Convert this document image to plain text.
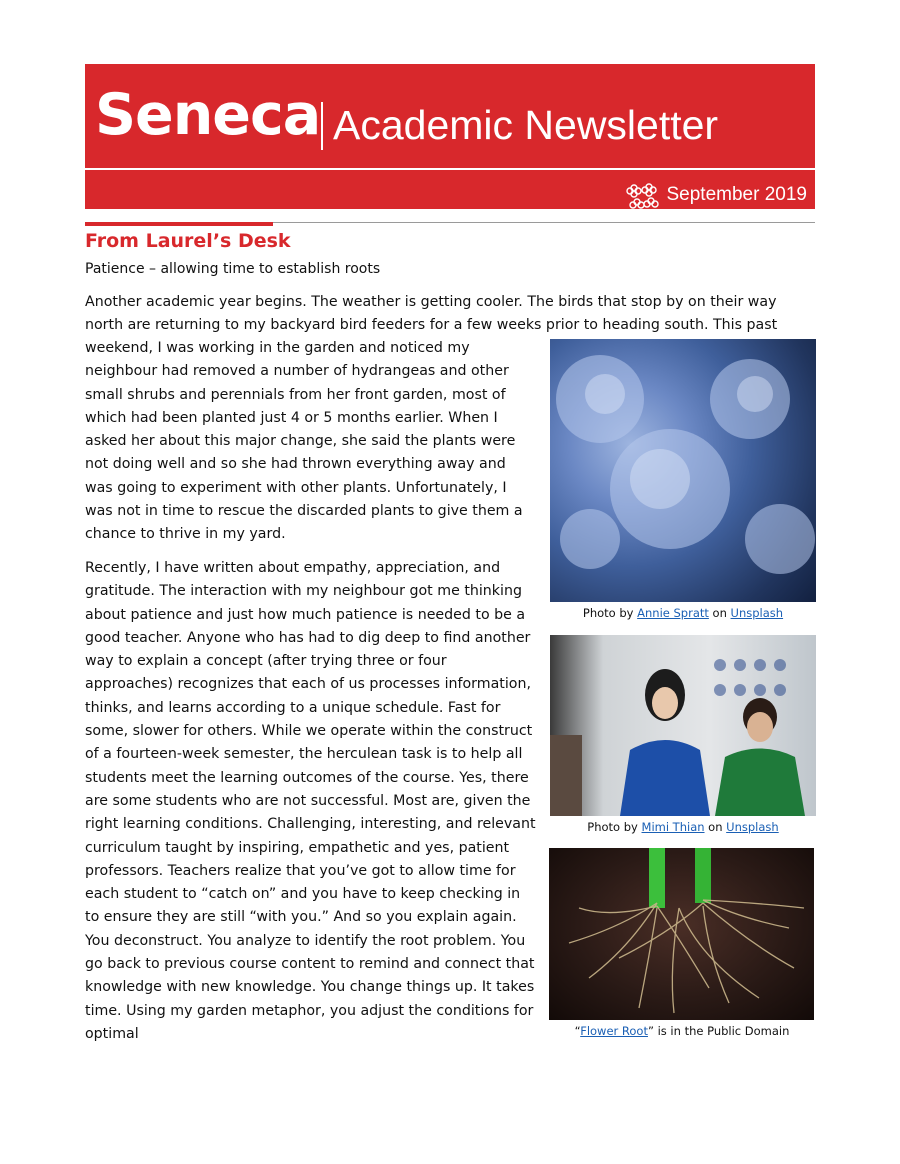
Seneca Academic Newsletter
September 2019
From Laurel’s Desk
Patience – allowing time to establish roots
Another academic year begins. The weather is getting cooler. The birds that stop by on their way
north are returning to my backyard bird feeders for a few weeks prior to heading south. This past

weekend, I was working in the garden and noticed my neighbour had removed a number of hydrangeas and other small shrubs and perennials from her front garden, most of which had been planted just 4 or 5 months earlier. When I asked her about this major change, she said the plants were not doing well and so she had thrown everything away and was going to experiment with other plants. Unfortunately, I was not in time to rescue the discarded plants to give them a chance to thrive in my yard.

Recently, I have written about empathy, appreciation, and gratitude. The interaction with my neighbour got me thinking about patience and just how much patience is needed to be a good teacher. Anyone who has had to dig deep to find another way to explain a concept (after trying three or four approaches) recognizes that each of us processes information, thinks, and learns according to a unique schedule. Fast for some, slower for others. While we operate within the construct of a fourteen-week semester, the herculean task is to help all students meet the learning outcomes of the course. Yes, there are some students who are not successful. Most are, given the right learning conditions. Challenging, interesting, and relevant curriculum taught by inspiring, empathetic and yes, patient professors. Teachers realize that you’ve got to allow time for each student to “catch on” and you have to keep checking in to ensure they are still “with you.” And so you explain again. You deconstruct. You analyze to identify the root problem. You go back to previous course content to remind and connect that knowledge with new knowledge. You change things up. It takes time. Using my garden metaphor, you adjust the conditions for optimal

Photo by Annie Spratt on Unsplash
Photo by Mimi Thian on Unsplash
“Flower Root” is in the Public Domain
